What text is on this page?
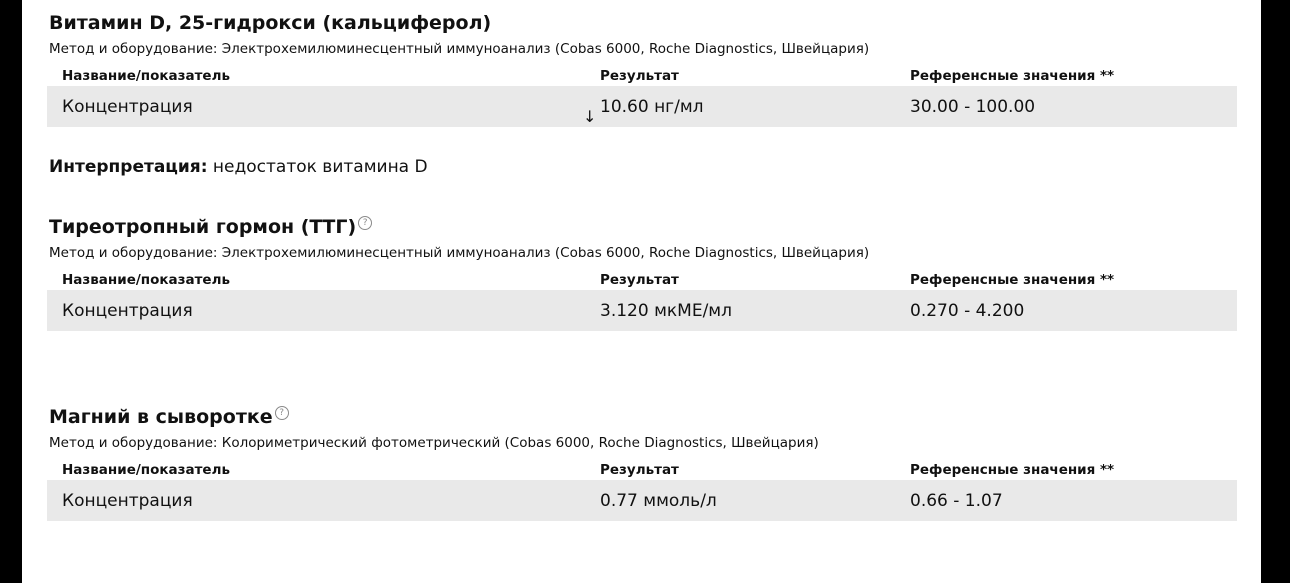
Витамин D, 25-гидрокси (кальциферол)
Метод и оборудование: Электрохемилюминесцентный иммуноанализ (Cobas 6000, Roche Diagnostics, Швейцария)
Название/показатель	Результат	Референсные значения **
Концентрация	↓ 10.60 нг/мл	30.00 - 100.00
Интерпретация: недостаток витамина D
Тиреотропный гормон (ТТГ) ?
Метод и оборудование: Электрохемилюминесцентный иммуноанализ (Cobas 6000, Roche Diagnostics, Швейцария)
Название/показатель	Результат	Референсные значения **
Концентрация	3.120 мкМЕ/мл	0.270 - 4.200
Магний в сыворотке ?
Метод и оборудование: Колориметрический фотометрический (Cobas 6000, Roche Diagnostics, Швейцария)
Название/показатель	Результат	Референсные значения **
Концентрация	0.77 ммоль/л	0.66 - 1.07
